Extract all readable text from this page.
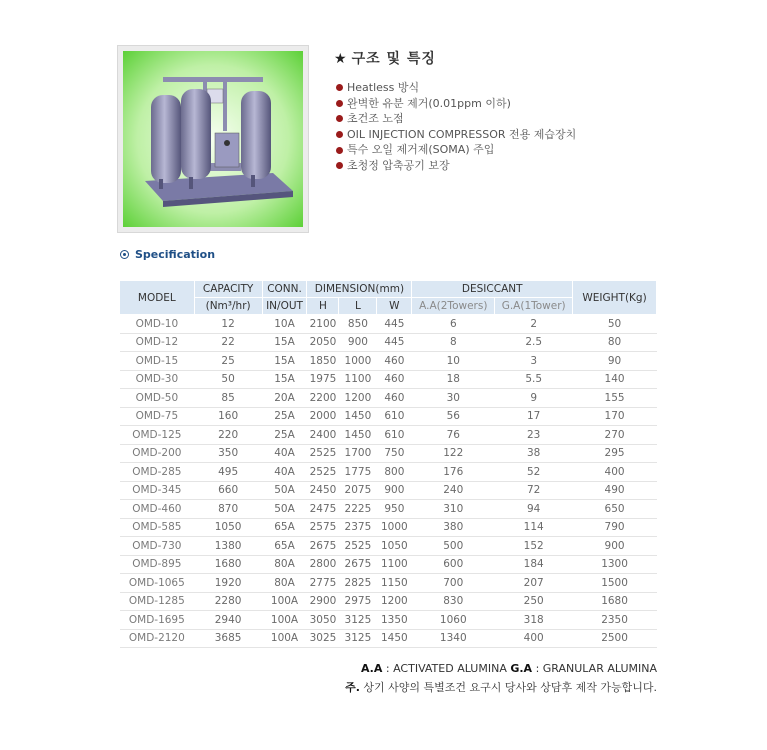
★ 구조 및 특징
Heatless 방식
완벽한 유분 제거(0.01ppm 이하)
초건조 노점
OIL INJECTION COMPRESSOR 전용 제습장치
특수 오일 제거제(SOMA) 주입
초청정 압축공기 보장
Specification
MODEL	CAPACITY	CONN.	DIMENSION(mm)			DESICCANT		WEIGHT(Kg)
	(Nm³/hr)	IN/OUT	H	L	W	A.A(2Towers)	G.A(1Tower)	
OMD-10	12	10A	2100	850	445	6	2	50
OMD-12	22	15A	2050	900	445	8	2.5	80
OMD-15	25	15A	1850	1000	460	10	3	90
OMD-30	50	15A	1975	1100	460	18	5.5	140
OMD-50	85	20A	2200	1200	460	30	9	155
OMD-75	160	25A	2000	1450	610	56	17	170
OMD-125	220	25A	2400	1450	610	76	23	270
OMD-200	350	40A	2525	1700	750	122	38	295
OMD-285	495	40A	2525	1775	800	176	52	400
OMD-345	660	50A	2450	2075	900	240	72	490
OMD-460	870	50A	2475	2225	950	310	94	650
OMD-585	1050	65A	2575	2375	1000	380	114	790
OMD-730	1380	65A	2675	2525	1050	500	152	900
OMD-895	1680	80A	2800	2675	1100	600	184	1300
OMD-1065	1920	80A	2775	2825	1150	700	207	1500
OMD-1285	2280	100A	2900	2975	1200	830	250	1680
OMD-1695	2940	100A	3050	3125	1350	1060	318	2350
OMD-2120	3685	100A	3025	3125	1450	1340	400	2500
A.A : ACTIVATED ALUMINA G.A : GRANULAR ALUMINA
주. 상기 사양의 특별조건 요구시 당사와 상담후 제작 가능합니다.
